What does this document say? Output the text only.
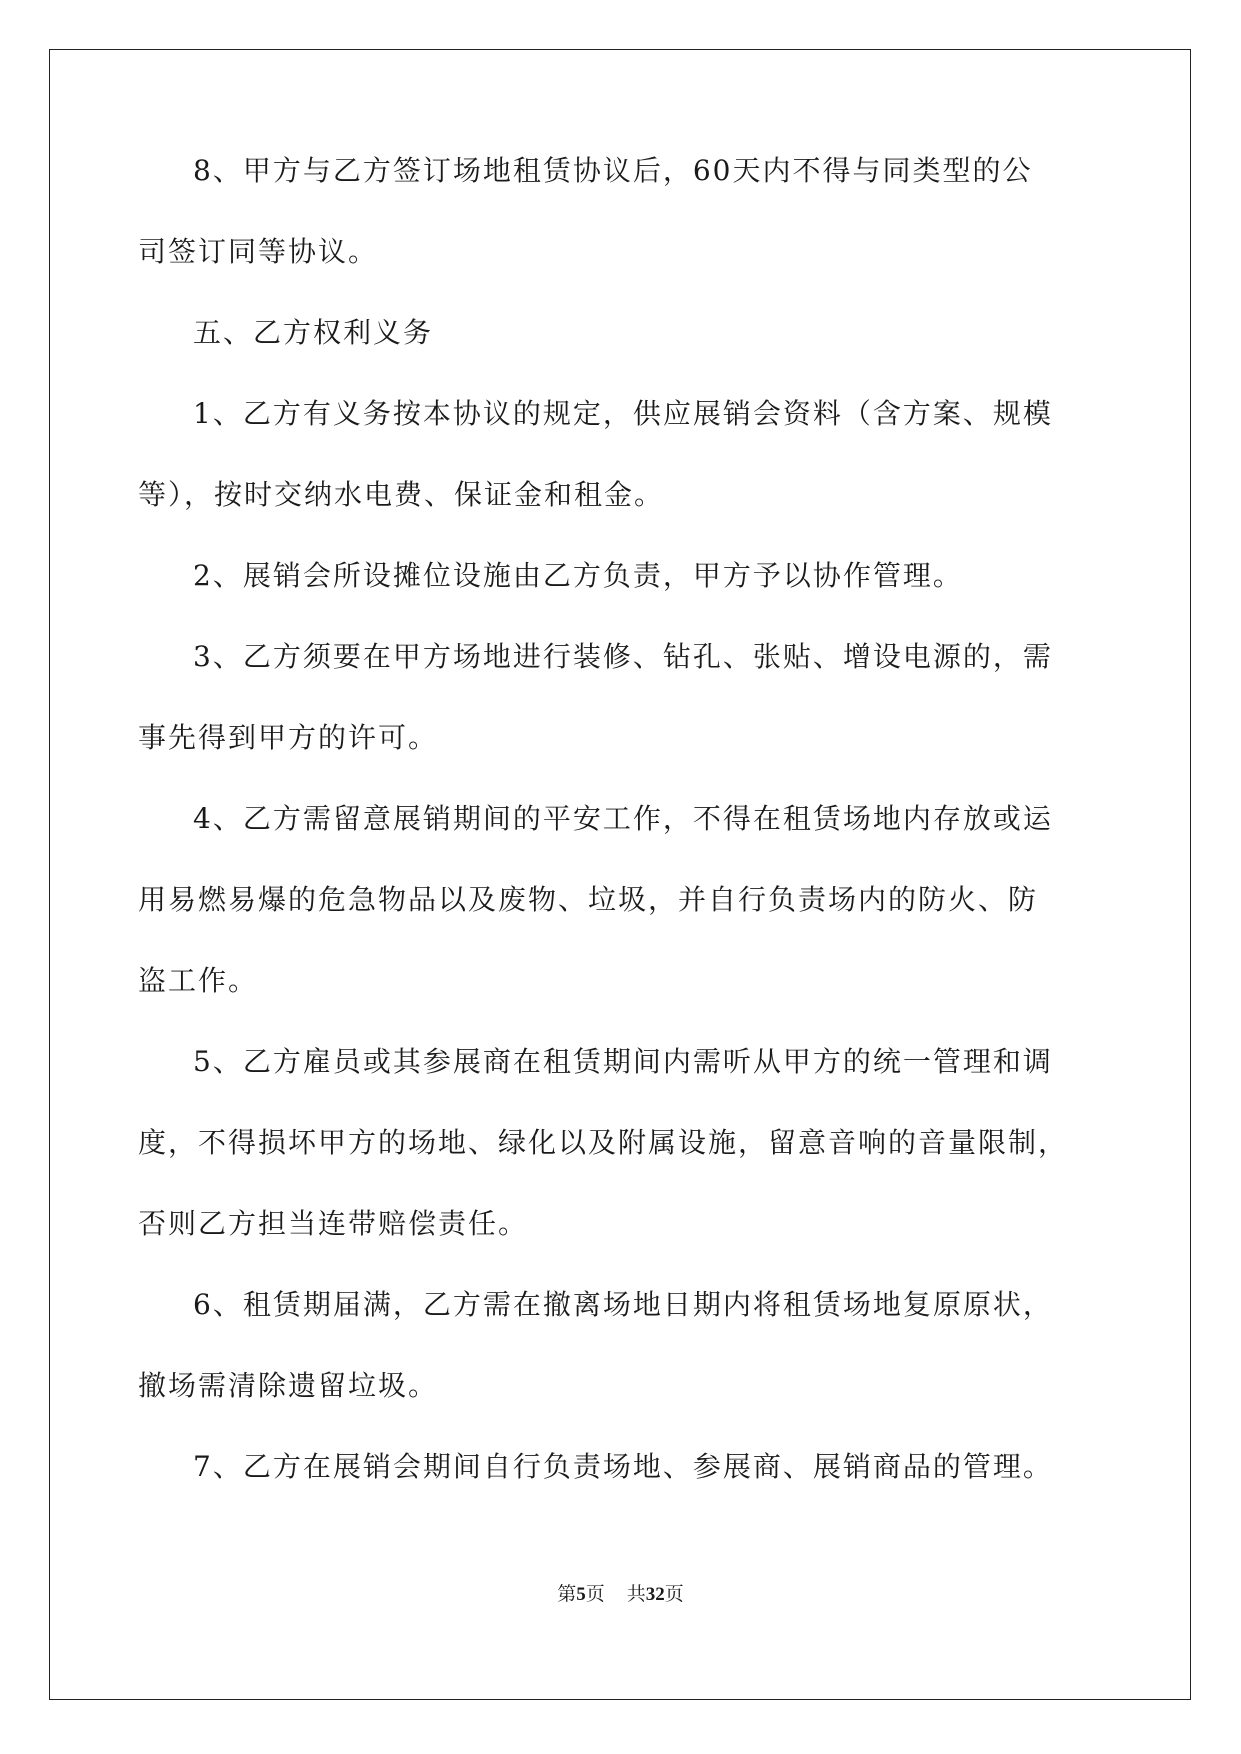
8、甲方与乙方签订场地租赁协议后，60天内不得与同类型的公
司签订同等协议。
五、乙方权利义务
1、乙方有义务按本协议的规定，供应展销会资料（含方案、规模
等），按时交纳水电费、保证金和租金。
2、展销会所设摊位设施由乙方负责，甲方予以协作管理。
3、乙方须要在甲方场地进行装修、钻孔、张贴、增设电源的，需
事先得到甲方的许可。
4、乙方需留意展销期间的平安工作，不得在租赁场地内存放或运
用易燃易爆的危急物品以及废物、垃圾，并自行负责场内的防火、防
盗工作。
5、乙方雇员或其参展商在租赁期间内需听从甲方的统一管理和调
度，不得损坏甲方的场地、绿化以及附属设施，留意音响的音量限制，
否则乙方担当连带赔偿责任。
6、租赁期届满，乙方需在撤离场地日期内将租赁场地复原原状，
撤场需清除遗留垃圾。
7、乙方在展销会期间自行负责场地、参展商、展销商品的管理。
第5页 共32页
